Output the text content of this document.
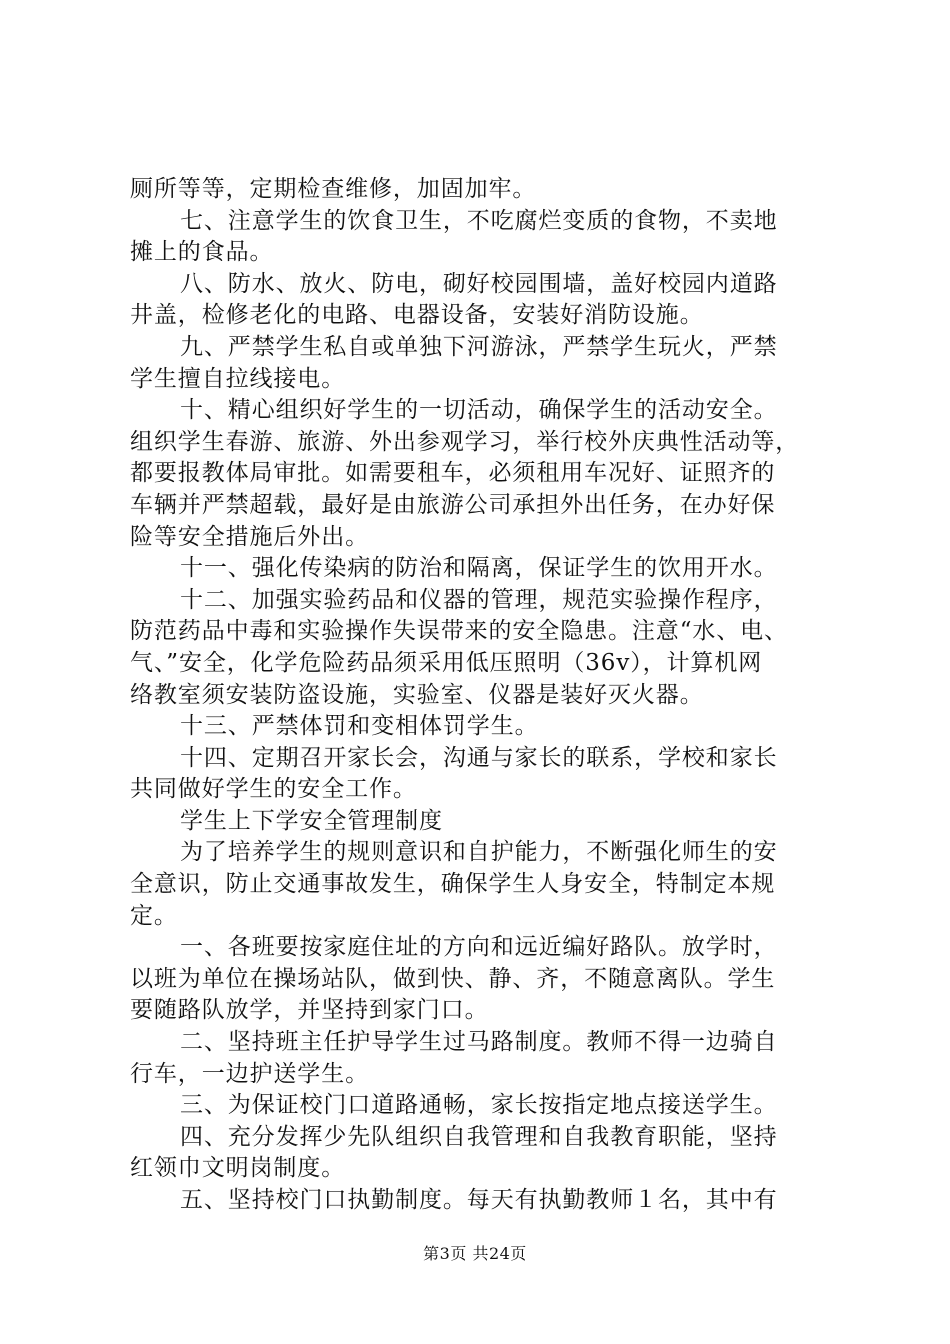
厕所等等，定期检查维修，加固加牢。
七、注意学生的饮食卫生，不吃腐烂变质的食物，不卖地
摊上的食品。
八、防水、放火、防电，砌好校园围墙，盖好校园内道路
井盖，检修老化的电路、电器设备，安装好消防设施。
九、严禁学生私自或单独下河游泳，严禁学生玩火，严禁
学生擅自拉线接电。
十、精心组织好学生的一切活动，确保学生的活动安全。
组织学生春游、旅游、外出参观学习，举行校外庆典性活动等，
都要报教体局审批。如需要租车，必须租用车况好、证照齐的
车辆并严禁超载，最好是由旅游公司承担外出任务，在办好保
险等安全措施后外出。
十一、强化传染病的防治和隔离，保证学生的饮用开水。
十二、加强实验药品和仪器的管理，规范实验操作程序，
防范药品中毒和实验操作失误带来的安全隐患。注意“水、电、
气、”安全，化学危险药品须采用低压照明（36v），计算机网
络教室须安装防盗设施，实验室、仪器是装好灭火器。
十三、严禁体罚和变相体罚学生。
十四、定期召开家长会，沟通与家长的联系，学校和家长
共同做好学生的安全工作。
学生上下学安全管理制度
为了培养学生的规则意识和自护能力，不断强化师生的安
全意识，防止交通事故发生，确保学生人身安全，特制定本规
定。
一、各班要按家庭住址的方向和远近编好路队。放学时，
以班为单位在操场站队，做到快、静、齐，不随意离队。学生
要随路队放学，并坚持到家门口。
二、坚持班主任护导学生过马路制度。教师不得一边骑自
行车，一边护送学生。
三、为保证校门口道路通畅，家长按指定地点接送学生。
四、充分发挥少先队组织自我管理和自我教育职能，坚持
红领巾文明岗制度。
五、坚持校门口执勤制度。每天有执勤教师１名，其中有
第3页 共24页
